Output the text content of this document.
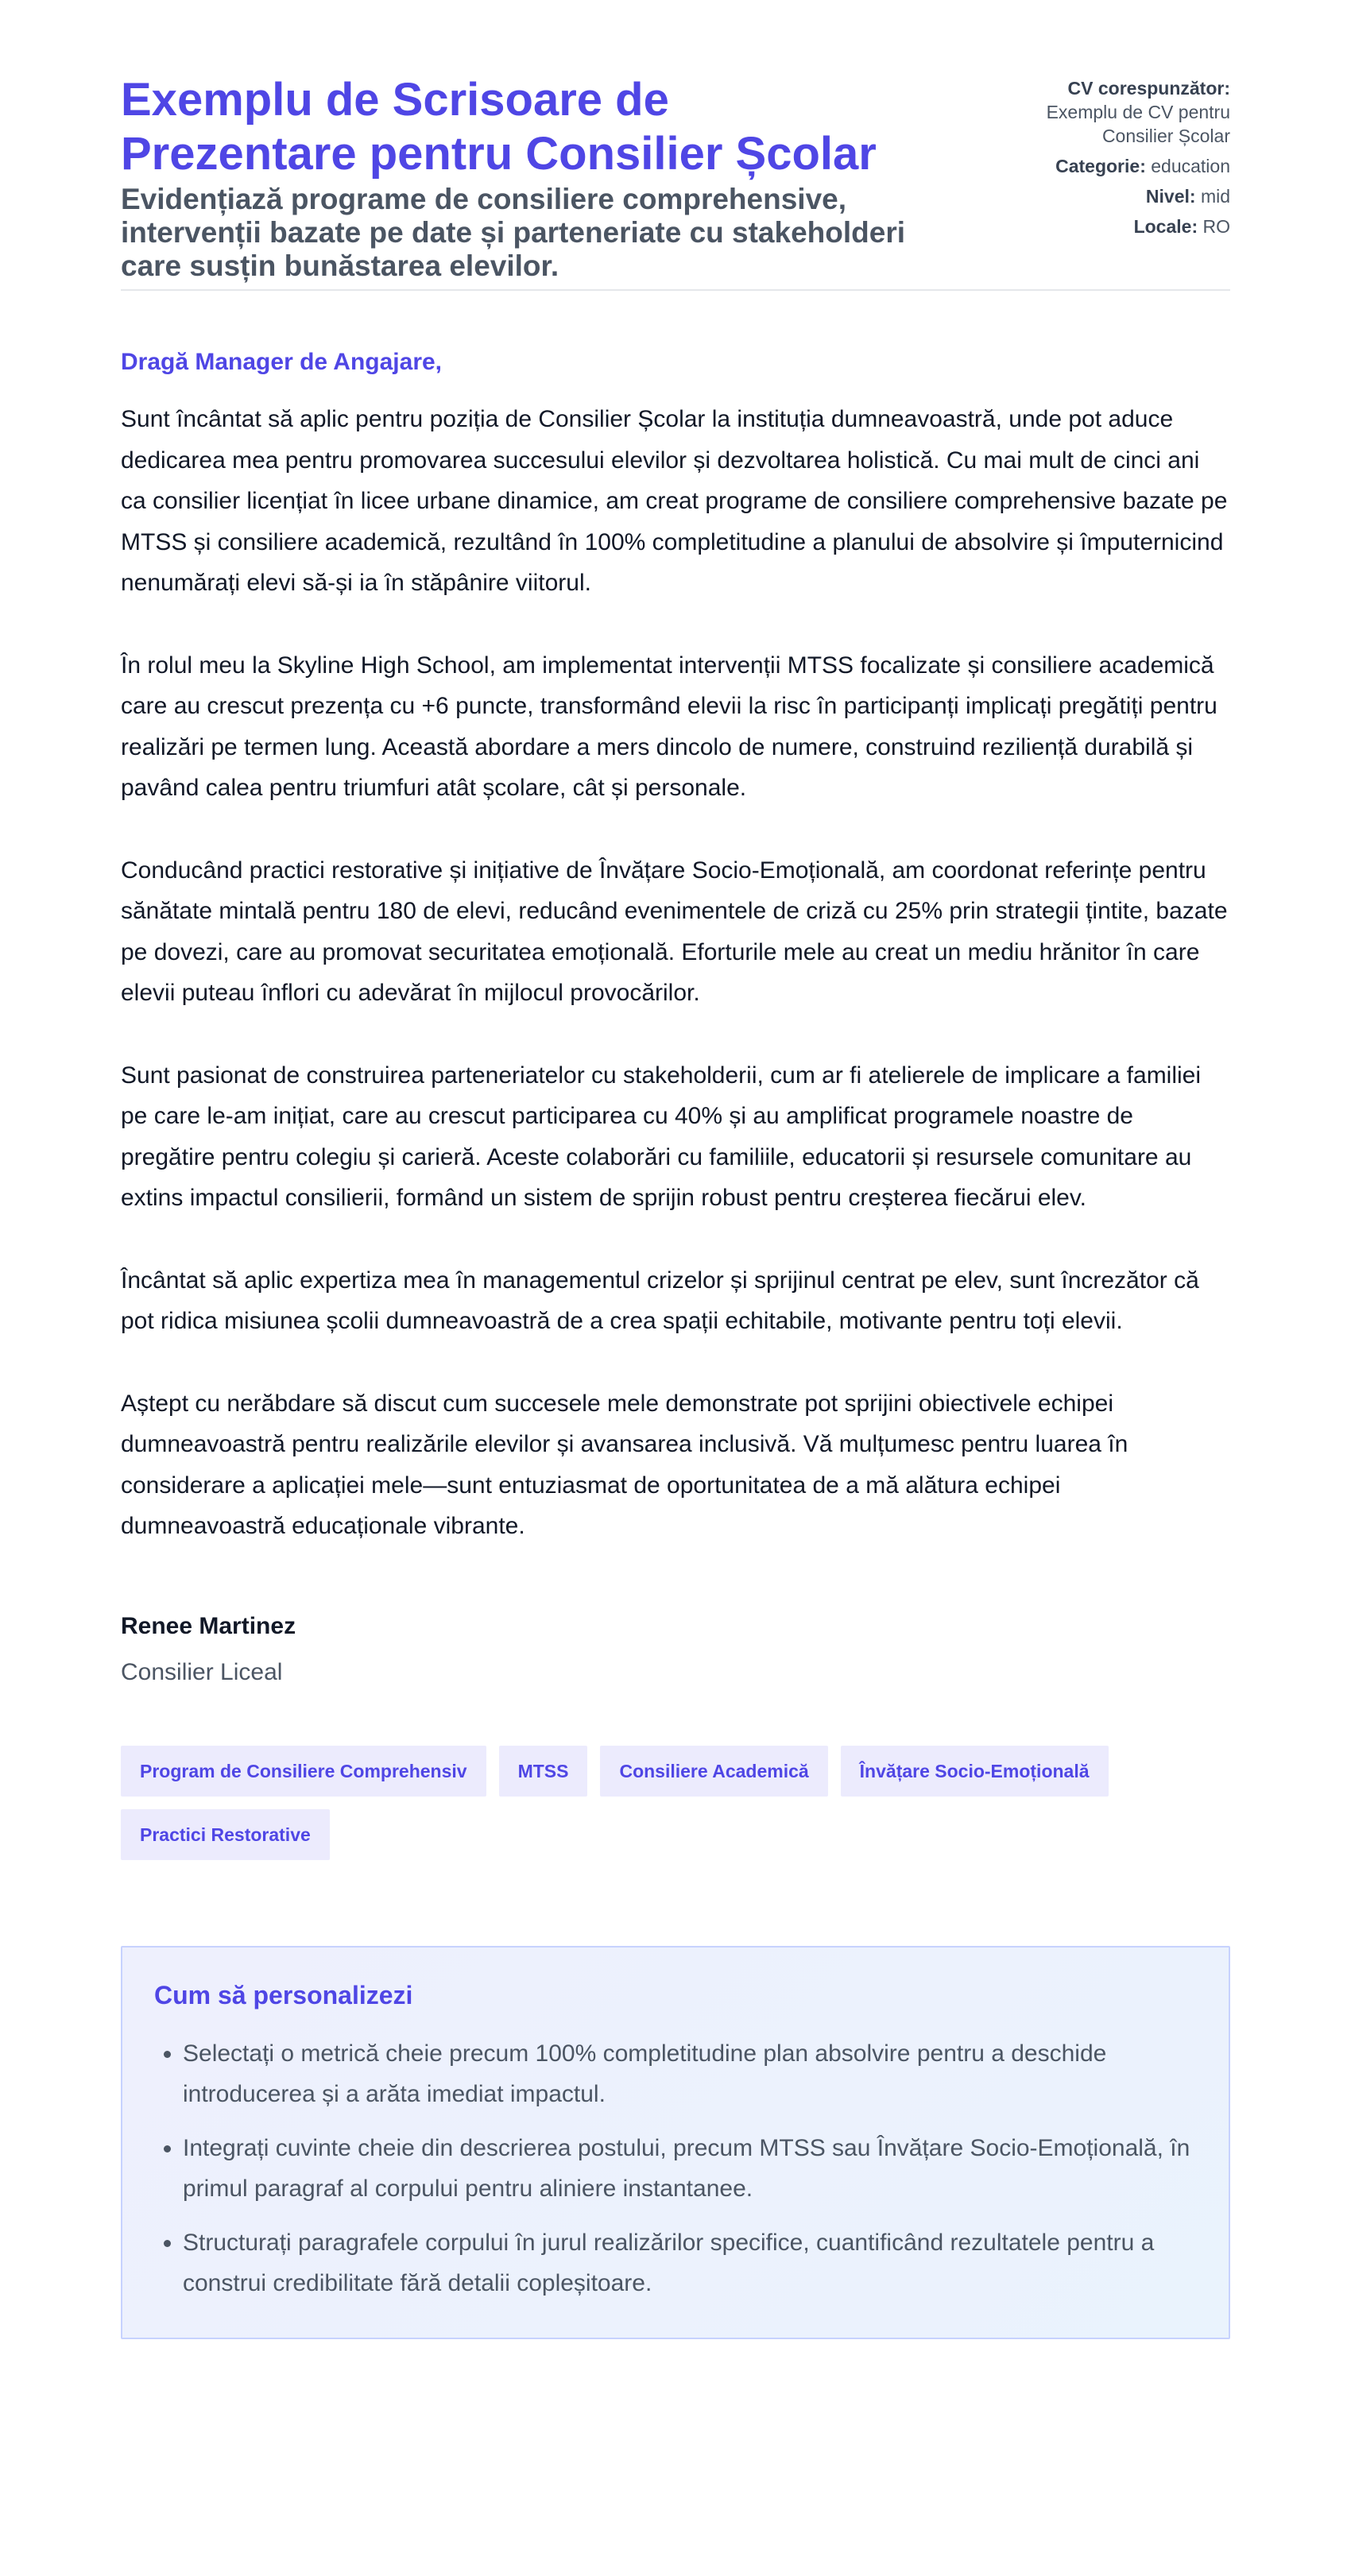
Exemplu de Scrisoare de Prezentare pentru Consilier Școlar
Evidențiază programe de consiliere comprehensive, intervenții bazate pe date și parteneriate cu stakeholderi care susțin bunăstarea elevilor.
CV corespunzător:
Exemplu de CV pentru Consilier Școlar
Categorie: education
Nivel: mid
Locale: RO

Dragă Manager de Angajare,

Sunt încântat să aplic pentru poziția de Consilier Școlar la instituția dumneavoastră, unde pot aduce dedicarea mea pentru promovarea succesului elevilor și dezvoltarea holistică. Cu mai mult de cinci ani ca consilier licențiat în licee urbane dinamice, am creat programe de consiliere comprehensive bazate pe MTSS și consiliere academică, rezultând în 100% completitudine a planului de absolvire și împuternicind nenumărați elevi să-și ia în stăpânire viitorul.

În rolul meu la Skyline High School, am implementat intervenții MTSS focalizate și consiliere academică care au crescut prezența cu +6 puncte, transformând elevii la risc în participanți implicați pregătiți pentru realizări pe termen lung. Această abordare a mers dincolo de numere, construind reziliență durabilă și pavând calea pentru triumfuri atât școlare, cât și personale.

Conducând practici restorative și inițiative de Învățare Socio-Emoțională, am coordonat referințe pentru sănătate mintală pentru 180 de elevi, reducând evenimentele de criză cu 25% prin strategii țintite, bazate pe dovezi, care au promovat securitatea emoțională. Eforturile mele au creat un mediu hrănitor în care elevii puteau înflori cu adevărat în mijlocul provocărilor.

Sunt pasionat de construirea parteneriatelor cu stakeholderii, cum ar fi atelierele de implicare a familiei pe care le-am inițiat, care au crescut participarea cu 40% și au amplificat programele noastre de pregătire pentru colegiu și carieră. Aceste colaborări cu familiile, educatorii și resursele comunitare au extins impactul consilierii, formând un sistem de sprijin robust pentru creșterea fiecărui elev.

Încântat să aplic expertiza mea în managementul crizelor și sprijinul centrat pe elev, sunt încrezător că pot ridica misiunea școlii dumneavoastră de a crea spații echitabile, motivante pentru toți elevii.

Aștept cu nerăbdare să discut cum succesele mele demonstrate pot sprijini obiectivele echipei dumneavoastră pentru realizările elevilor și avansarea inclusivă. Vă mulțumesc pentru luarea în considerare a aplicației mele—sunt entuziasmat de oportunitatea de a mă alătura echipei dumneavoastră educaționale vibrante.

Renee Martinez
Consilier Liceal
Program de Consiliere Comprehensiv	MTSS	Consiliere Academică	Învățare Socio-Emoțională
Practici Restorative
Cum să personalizezi
• Selectați o metrică cheie precum 100% completitudine plan absolvire pentru a deschide introducerea și a arăta imediat impactul.
• Integrați cuvinte cheie din descrierea postului, precum MTSS sau Învățare Socio-Emoțională, în primul paragraf al corpului pentru aliniere instantanee.
• Structurați paragrafele corpului în jurul realizărilor specifice, cuantificând rezultatele pentru a construi credibilitate fără detalii copleșitoare.
